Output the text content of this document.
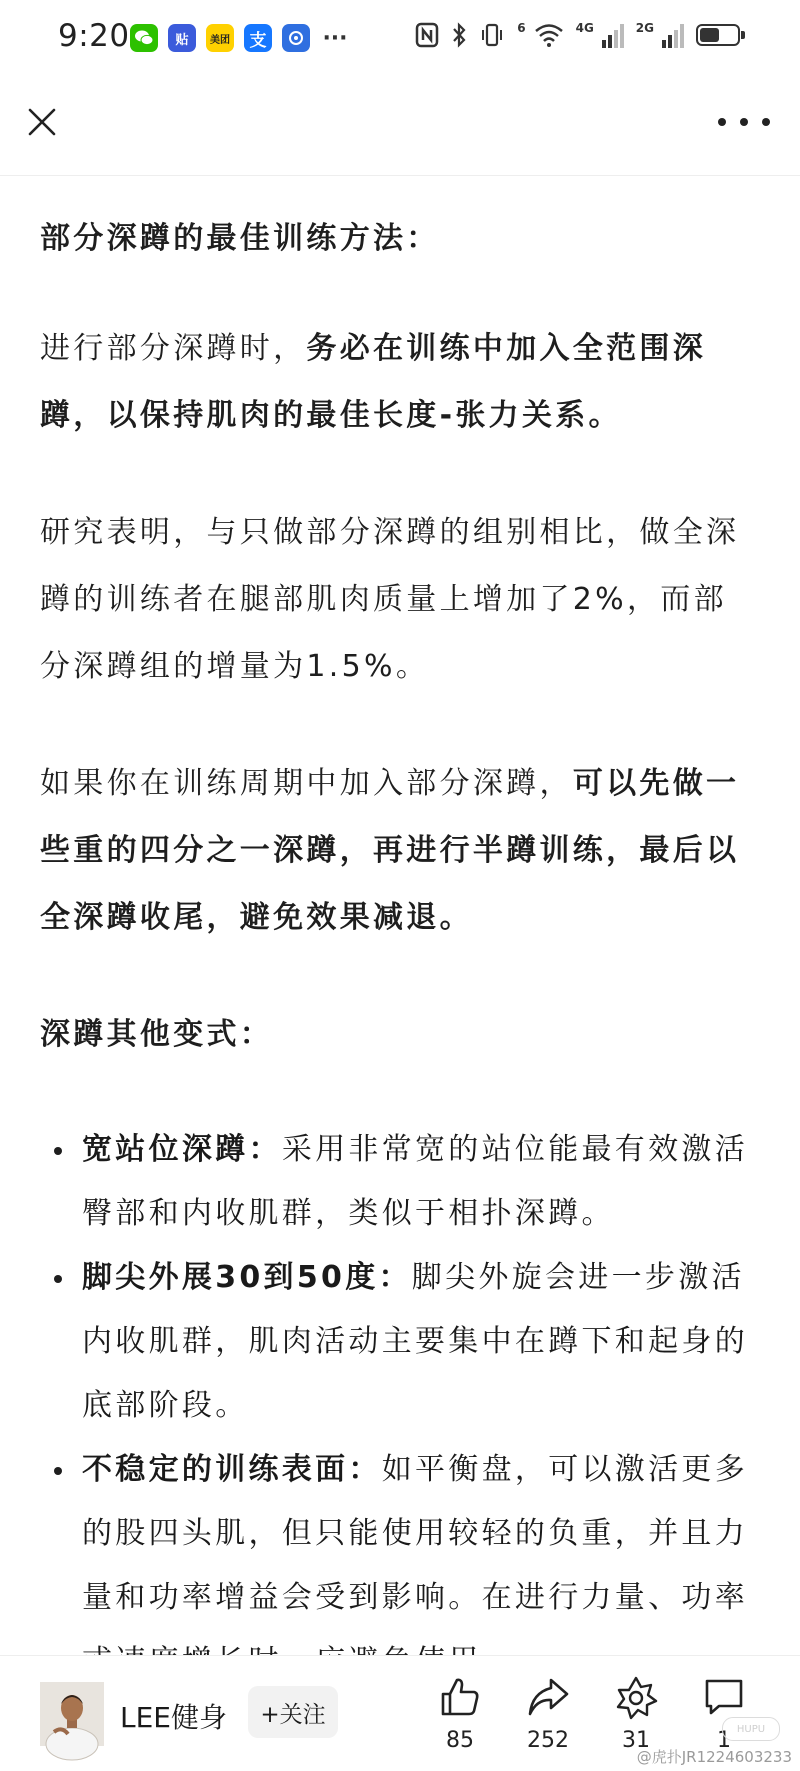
9:20	贴	美团	支	···	6	4G	2G

部分深蹲的最佳训练方法：

进行部分深蹲时，务必在训练中加入全范围深蹲，以保持肌肉的最佳长度-张力关系。

研究表明，与只做部分深蹲的组别相比，做全深蹲的训练者在腿部肌肉质量上增加了2%，而部分深蹲组的增量为1.5%。

如果你在训练周期中加入部分深蹲，可以先做一些重的四分之一深蹲，再进行半蹲训练，最后以全深蹲收尾，避免效果减退。

深蹲其他变式：

宽站位深蹲：采用非常宽的站位能最有效激活臀部和内收肌群，类似于相扑深蹲。
脚尖外展30到50度：脚尖外旋会进一步激活内收肌群，肌肉活动主要集中在蹲下和起身的底部阶段。
不稳定的训练表面：如平衡盘，可以激活更多的股四头肌，但只能使用较轻的负重，并且力量和功率增益会受到影响。在进行力量、功率
LEE健身	+关注
85 252 31	1 HUPU
@虎扑JR1224603233
